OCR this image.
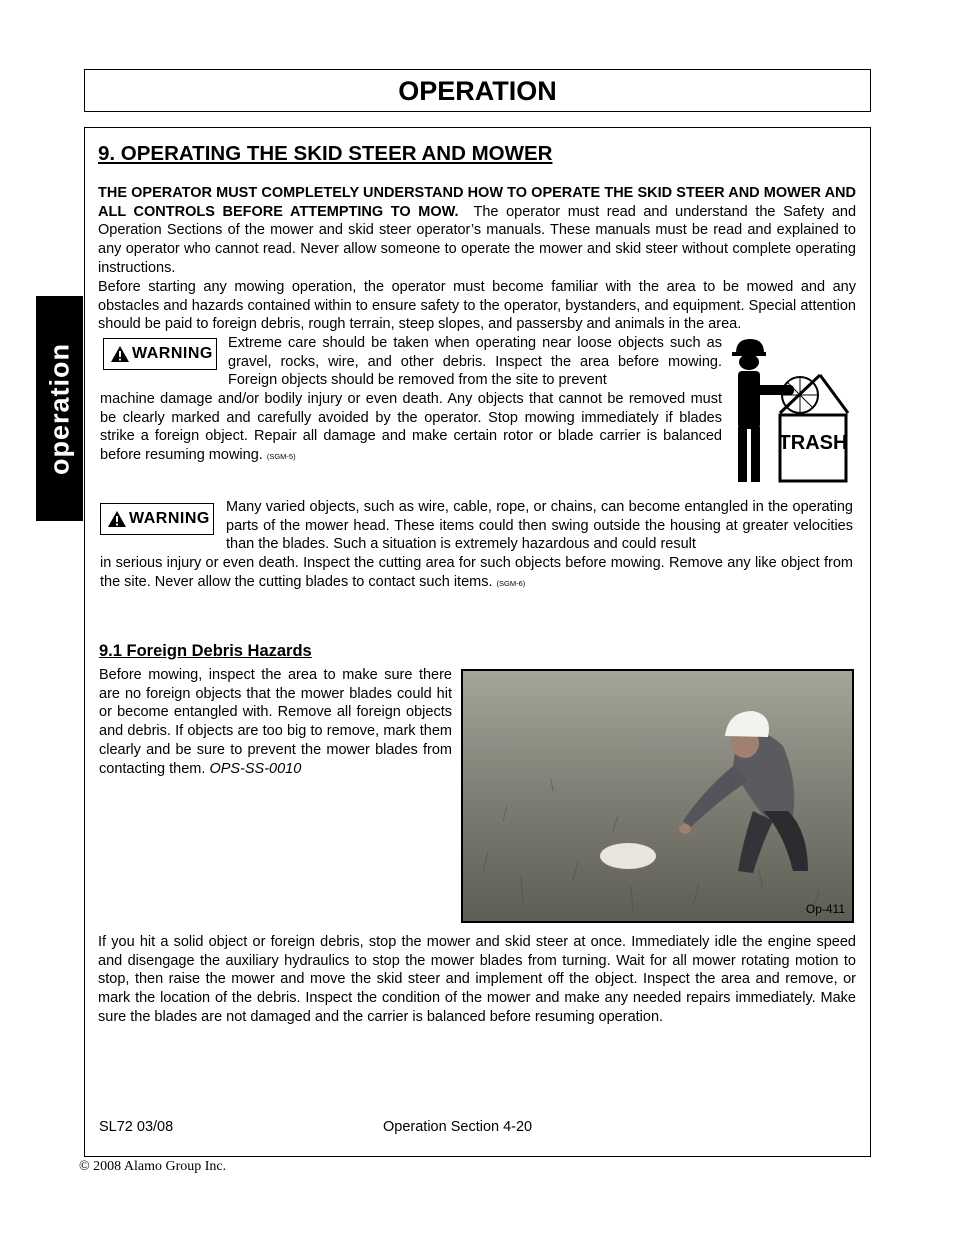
OPERATION
operation
9. OPERATING THE SKID STEER AND MOWER

THE OPERATOR MUST COMPLETELY UNDERSTAND HOW TO OPERATE THE SKID STEER AND MOWER AND ALL CONTROLS BEFORE ATTEMPTING TO MOW. The operator must read and understand the Safety and Operation Sections of the mower and skid steer operator’s manuals. These manuals must be read and explained to any operator who cannot read. Never allow someone to operate the mower and skid steer without complete operating instructions.

Before starting any mowing operation, the operator must become familiar with the area to be mowed and any obstacles and hazards contained within to ensure safety to the operator, bystanders, and equipment. Special attention should be paid to foreign debris, rough terrain, steep slopes, and passersby and animals in the area.

WARNING

Extreme care should be taken when operating near loose objects such as gravel, rocks, wire, and other debris. Inspect the area before mowing. Foreign objects should be removed from the site to prevent

machine damage and/or bodily injury or even death. Any objects that cannot be removed must be clearly marked and carefully avoided by the operator. Stop mowing immediately if blades strike a foreign object. Repair all damage and make certain rotor or blade carrier is balanced before resuming mowing. (SGM-5)

TRASH
WARNING

Many varied objects, such as wire, cable, rope, or chains, can become entangled in the operating parts of the mower head. These items could then swing outside the housing at greater velocities than the blades. Such a situation is extremely hazardous and could result

in serious injury or even death. Inspect the cutting area for such objects before mowing. Remove any like object from the site. Never allow the cutting blades to contact such items. (SGM-6)

9.1 Foreign Debris Hazards

Before mowing, inspect the area to make sure there are no foreign objects that the mower blades could hit or become entangled with. Remove all foreign objects and debris. If objects are too big to remove, mark them clearly and be sure to prevent the mower blades from contacting them. OPS-SS-0010

Op-411

If you hit a solid object or foreign debris, stop the mower and skid steer at once. Immediately idle the engine speed and disengage the auxiliary hydraulics to stop the mower blades from turning. Wait for all mower rotating motion to stop, then raise the mower and move the skid steer and implement off the object. Inspect the area and remove, or mark the location of the debris. Inspect the condition of the mower and make any needed repairs immediately. Make sure the blades are not damaged and the carrier is balanced before resuming operation.

SL72 03/08	Operation Section 4-20
© 2008 Alamo Group Inc.
